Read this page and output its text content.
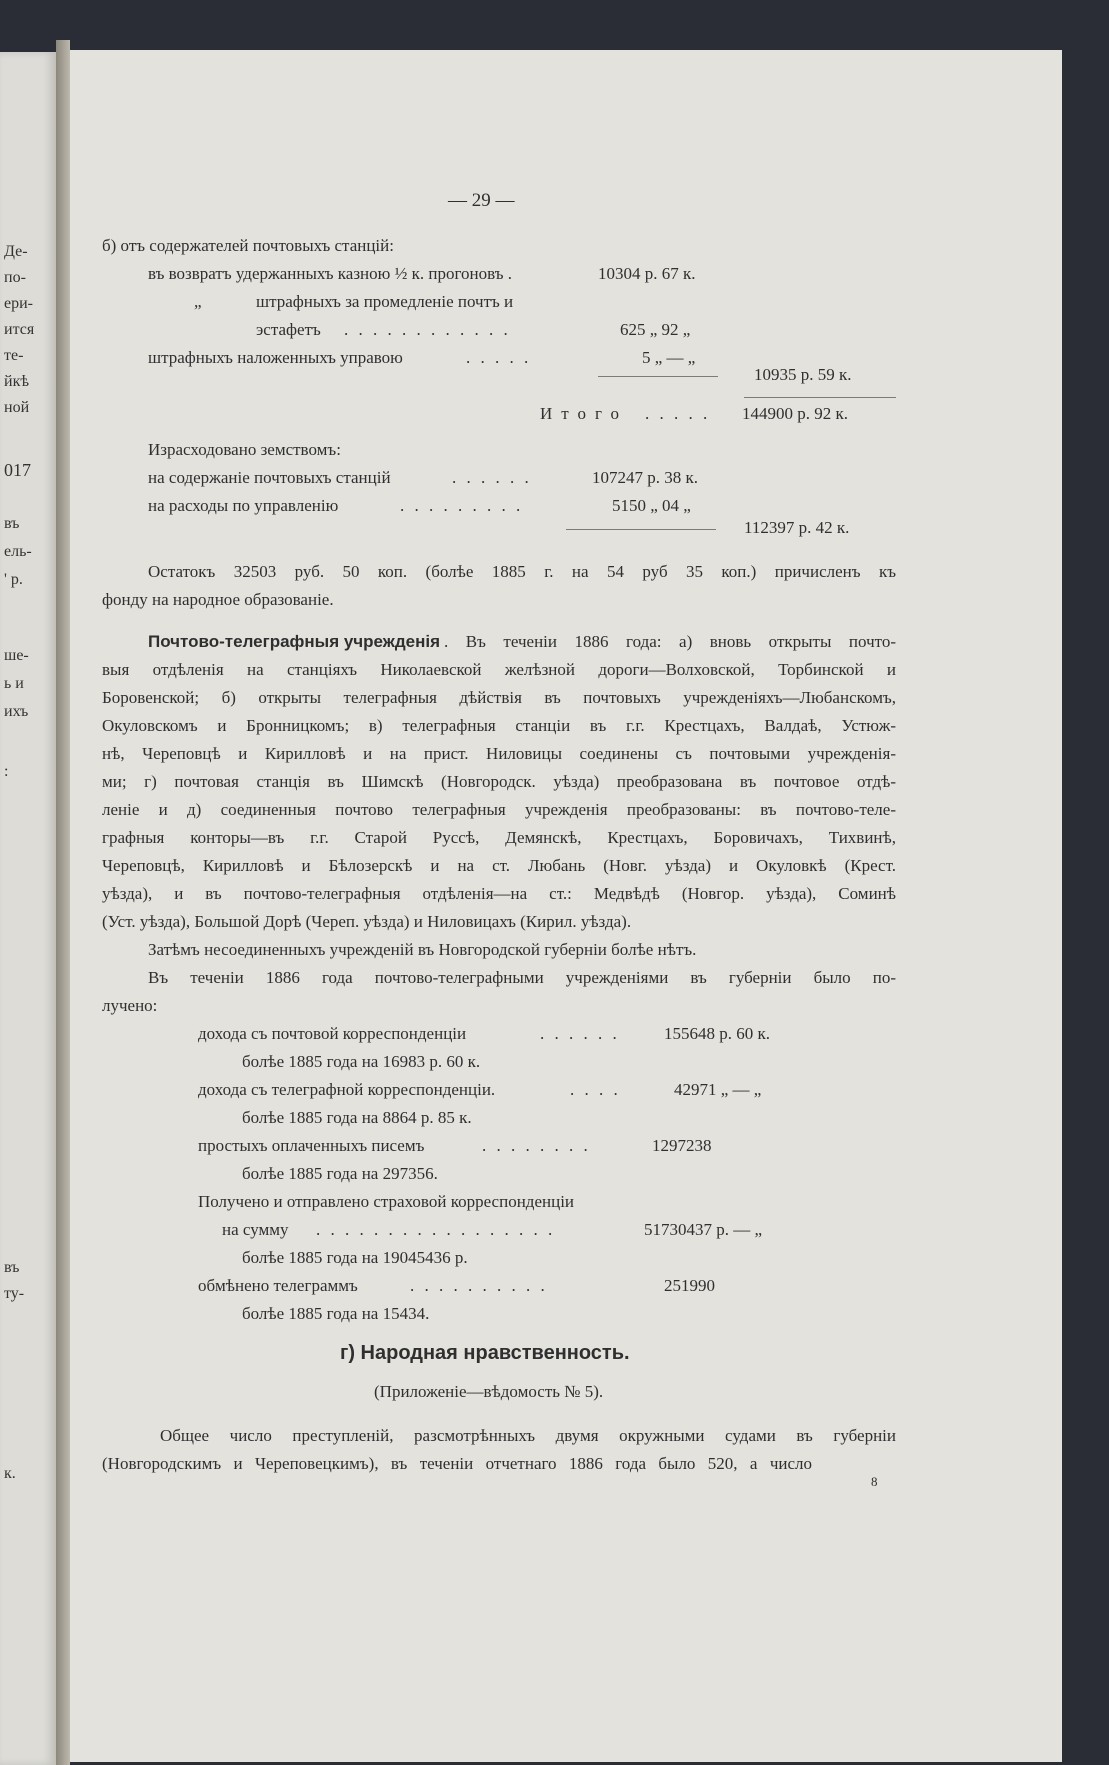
Де-
по-
ери-
ится
те-
йкѣ
ной
017
въ
ель-
' р.
ше-
ь и
ихъ
:
въ
ту-
к.
— 29 —
б) отъ содержателей почтовыхъ станцій:
въ возвратъ удержанныхъ казною ½ к. прогоновъ .	10304 р. 67 к.
„	штрафныхъ за промедленіе почтъ и
эстафетъ . . . . . . . . . . . .	625 „ 92 „
штрафныхъ наложенныхъ управою	. . . . .	5 „ — „
10935 р. 59 к.
Итого . . . . . 144900 р. 92 к.
Израсходовано земствомъ:
на содержаніе почтовыхъ станцій	. . . . . .	107247 р. 38 к.
на расходы по управленію	. . . . . . . . .	5150 „ 04 „
112397 р. 42 к.
Остатокъ 32503 руб. 50 коп. (болѣе 1885 г. на 54 руб 35 коп.) причисленъ къ
фонду на народное образованіе.
Почтово-телеграфныя учрежденія . Въ теченіи 1886 года: а) вновь открыты почто-
выя отдѣленія на станціяхъ Николаевской желѣзной дороги—Волховской, Торбинской и
Боровенской; б) открыты телеграфныя дѣйствія въ почтовыхъ учрежденіяхъ—Любанскомъ,
Окуловскомъ и Бронницкомъ; в) телеграфныя станціи въ г.г. Крестцахъ, Валдаѣ, Устюж-
нѣ, Череповцѣ и Кирилловѣ и на прист. Ниловицы соединены съ почтовыми учрежденія-
ми; г) почтовая станція въ Шимскѣ (Новгородск. уѣзда) преобразована въ почтовое отдѣ-
леніе и д) соединенныя почтово телеграфныя учрежденія преобразованы: въ почтово-теле-
графныя конторы—въ г.г. Старой Руссѣ, Демянскѣ, Крестцахъ, Боровичахъ, Тихвинѣ,
Череповцѣ, Кирилловѣ и Бѣлозерскѣ и на ст. Любань (Новг. уѣзда) и Окуловкѣ (Крест.
уѣзда), и въ почтово-телеграфныя отдѣленія—на ст.: Медвѣдѣ (Новгор. уѣзда), Соминѣ
(Уст. уѣзда), Большой Дорѣ (Череп. уѣзда) и Ниловицахъ (Кирил. уѣзда).
Затѣмъ несоединенныхъ учрежденій въ Новгородской губерніи болѣе нѣтъ.
Въ теченіи 1886 года почтово-телеграфными учрежденіями въ губерніи было по-
лучено:
дохода съ почтовой корреспонденціи	. . . . . .	155648 р. 60 к.
болѣе 1885 года на 16983 р. 60 к.
дохода съ телеграфной корреспонденціи.	. . . .	42971 „ — „
болѣе 1885 года на 8864 р. 85 к.
простыхъ оплаченныхъ писемъ	. . . . . . . .	1297238
болѣе 1885 года на 297356.
Получено и отправлено страховой корреспонденціи
на сумму . . . . . . . . . . . . . . . . .	51730437 р. — „
болѣе 1885 года на 19045436 р.
обмѣнено телеграммъ	. . . . . . . . . .	251990
болѣе 1885 года на 15434.
г) Народная нравственность.
(Приложеніе—вѣдомость № 5).
Общее число преступленій, разсмотрѣнныхъ двумя окружными судами въ губерніи
(Новгородскимъ и Череповецкимъ), въ теченіи отчетнаго 1886 года было 520, а число
8
